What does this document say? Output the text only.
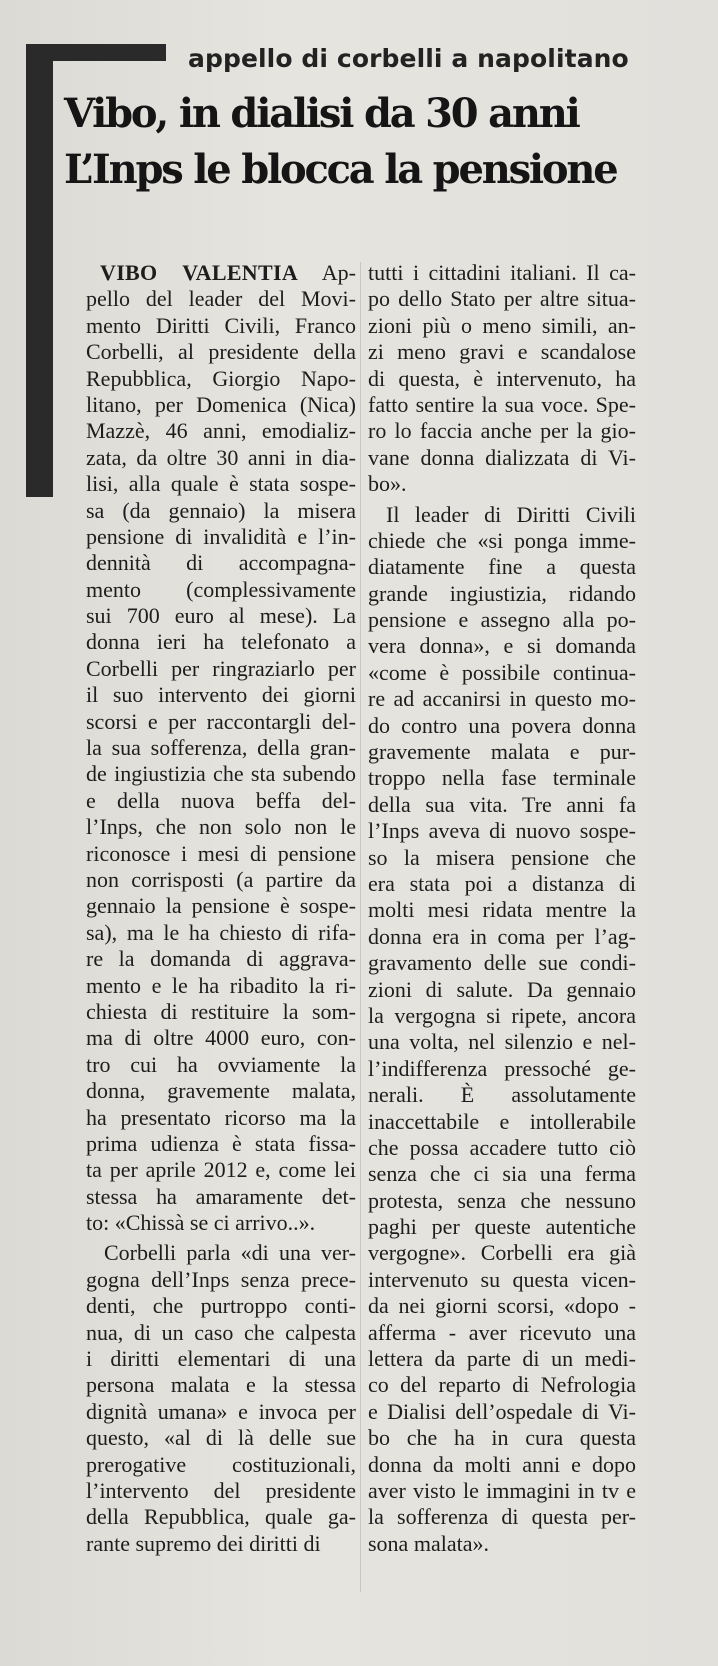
appello di corbelli a napolitano
Vibo, in dialisi da 30 anni
L’Inps le blocca la pensione
VIBO VALENTIA Ap-
pello del leader del Movi-
mento Diritti Civili, Franco
Corbelli, al presidente della
Repubblica, Giorgio Napo-
litano, per Domenica (Nica)
Mazzè, 46 anni, emodializ-
zata, da oltre 30 anni in dia-
lisi, alla quale è stata sospe-
sa (da gennaio) la misera
pensione di invalidità e l’in-
dennità di accompagna-
mento (complessivamente
sui 700 euro al mese). La
donna ieri ha telefonato a
Corbelli per ringraziarlo per
il suo intervento dei giorni
scorsi e per raccontargli del-
la sua sofferenza, della gran-
de ingiustizia che sta subendo
e della nuova beffa del-
l’Inps, che non solo non le
riconosce i mesi di pensione
non corrisposti (a partire da
gennaio la pensione è sospe-
sa), ma le ha chiesto di rifa-
re la domanda di aggrava-
mento e le ha ribadito la ri-
chiesta di restituire la som-
ma di oltre 4000 euro, con-
tro cui ha ovviamente la
donna, gravemente malata,
ha presentato ricorso ma la
prima udienza è stata fissa-
ta per aprile 2012 e, come lei
stessa ha amaramente det-
to: «Chissà se ci arrivo..».
Corbelli parla «di una ver-
gogna dell’Inps senza prece-
denti, che purtroppo conti-
nua, di un caso che calpesta
i diritti elementari di una
persona malata e la stessa
dignità umana» e invoca per
questo, «al di là delle sue
prerogative costituzionali,
l’intervento del presidente
della Repubblica, quale ga-
rante supremo dei diritti di
tutti i cittadini italiani. Il ca-
po dello Stato per altre situa-
zioni più o meno simili, an-
zi meno gravi e scandalose
di questa, è intervenuto, ha
fatto sentire la sua voce. Spe-
ro lo faccia anche per la gio-
vane donna dializzata di Vi-
bo».
Il leader di Diritti Civili
chiede che «si ponga imme-
diatamente fine a questa
grande ingiustizia, ridando
pensione e assegno alla po-
vera donna», e si domanda
«come è possibile continua-
re ad accanirsi in questo mo-
do contro una povera donna
gravemente malata e pur-
troppo nella fase terminale
della sua vita. Tre anni fa
l’Inps aveva di nuovo sospe-
so la misera pensione che
era stata poi a distanza di
molti mesi ridata mentre la
donna era in coma per l’ag-
gravamento delle sue condi-
zioni di salute. Da gennaio
la vergogna si ripete, ancora
una volta, nel silenzio e nel-
l’indifferenza pressoché ge-
nerali. È assolutamente
inaccettabile e intollerabile
che possa accadere tutto ciò
senza che ci sia una ferma
protesta, senza che nessuno
paghi per queste autentiche
vergogne». Corbelli era già
intervenuto su questa vicen-
da nei giorni scorsi, «dopo -
afferma - aver ricevuto una
lettera da parte di un medi-
co del reparto di Nefrologia
e Dialisi dell’ospedale di Vi-
bo che ha in cura questa
donna da molti anni e dopo
aver visto le immagini in tv e
la sofferenza di questa per-
sona malata».
